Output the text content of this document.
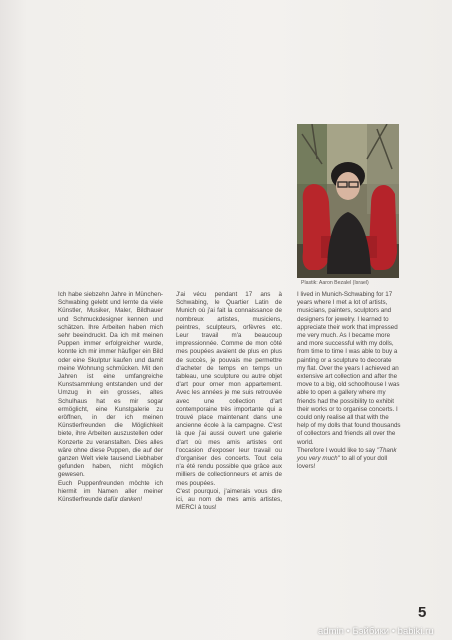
Plastik: Aaron Bezalel (Israel)

Ich habe siebzehn Jahre in München-Schwabing gelebt und lernte da viele Künstler, Musiker, Maler, Bildhauer und Schmuckdesigner kennen und schätzen. Ihre Arbeiten haben mich sehr beeindruckt. Da ich mit meinen Puppen immer erfolgreicher wurde, konnte ich mir immer häufiger ein Bild oder eine Skulptur kaufen und damit meine Wohnung schmücken. Mit den Jahren ist eine umfangreiche Kunstsammlung entstanden und der Umzug in ein grosses, altes Schulhaus hat es mir sogar ermöglicht, eine Kunstgalerie zu eröffnen, in der ich meinen Künstlerfreunden die Möglichkeit biete, ihre Arbeiten auszustellen oder Konzerte zu veranstalten. Dies alles wäre ohne diese Puppen, die auf der ganzen Welt viele tausend Liebhaber gefunden haben, nicht möglich gewesen.

Euch Puppenfreunden möchte ich hiermit im Namen aller meiner Künstlerfreunde dafür danken!

J'ai vécu pendant 17 ans à Schwabing, le Quartier Latin de Munich où j'ai fait la connaissance de nombreux artistes, musiciens, peintres, sculpteurs, orfèvres etc. Leur travail m'a beaucoup impressionnée. Comme de mon côté mes poupées avaient de plus en plus de succès, je pouvais me permettre d'acheter de temps en temps un tableau, une sculpture ou autre objet d'art pour orner mon appartement. Avec les années je me suis retrouvée avec une collection d'art contemporaine très importante qui a trouvé place maintenant dans une ancienne école à la campagne. C'est là que j'ai aussi ouvert une galerie d'art où mes amis artistes ont l'occasion d'exposer leur travail ou d'organiser des concerts. Tout cela n'a été rendu possible que grâce aux milliers de collectionneurs et amis de mes poupées.

C'est pourquoi, j'aimerais vous dire ici, au nom de mes amis artistes, MERCI à tous!

I lived in Munich-Schwabing for 17 years where I met a lot of artists, musicians, painters, sculptors and designers for jewelry. I learned to appreciate their work that impressed me very much. As I became more and more successful with my dolls, from time to time I was able to buy a painting or a sculpture to decorate my flat. Over the years I achieved an extensive art collection and after the move to a big, old schoolhouse I was able to open a gallery where my friends had the possibility to exhibit their works or to organise concerts. I could only realise all that with the help of my dolls that found thousands of collectors and friends all over the world.

Therefore I would like to say "Thank you very much" to all of your doll lovers!

5
admin • Бэйбики • babiki.ru
